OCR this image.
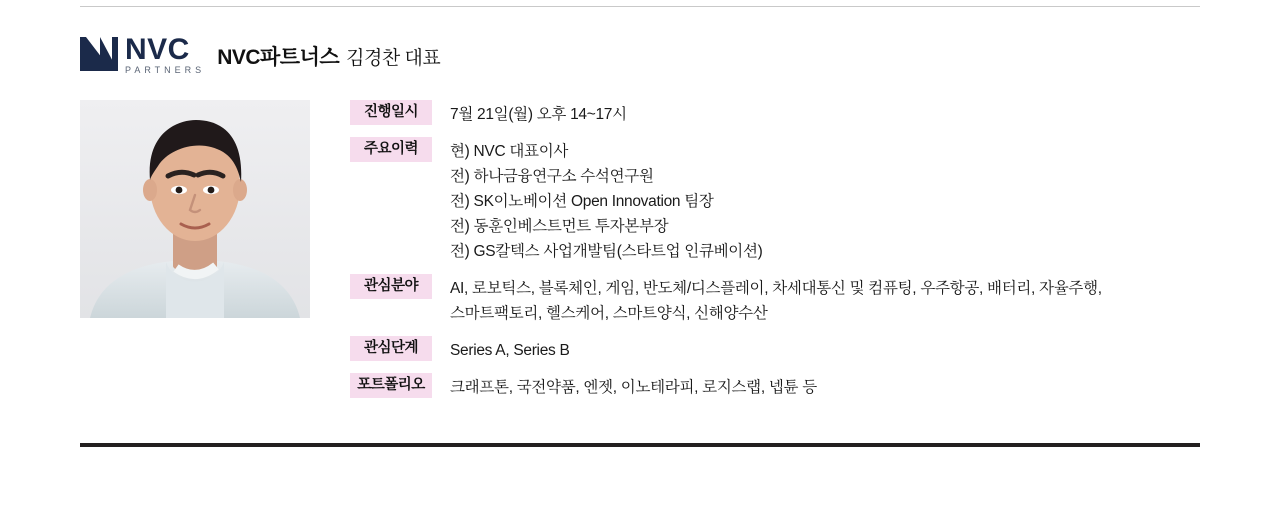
NVC
PARTNERS
NVC파트너스 김경찬 대표
진행일시	7월 21일(월) 오후 14~17시
주요이력	현) NVC 대표이사
전) 하나금융연구소 수석연구원
전) SK이노베이션 Open Innovation 팀장
전) 동훈인베스트먼트 투자본부장
전) GS칼텍스 사업개발팀(스타트업 인큐베이션)
관심분야	AI, 로보틱스, 블록체인, 게임, 반도체/디스플레이, 차세대통신 및 컴퓨팅, 우주항공, 배터리, 자율주행,
스마트팩토리, 헬스케어, 스마트양식, 신해양수산
관심단계	Series A, Series B
포트폴리오	크래프톤, 국전약품, 엔젯, 이노테라피, 로지스랩, 넵튠 등
